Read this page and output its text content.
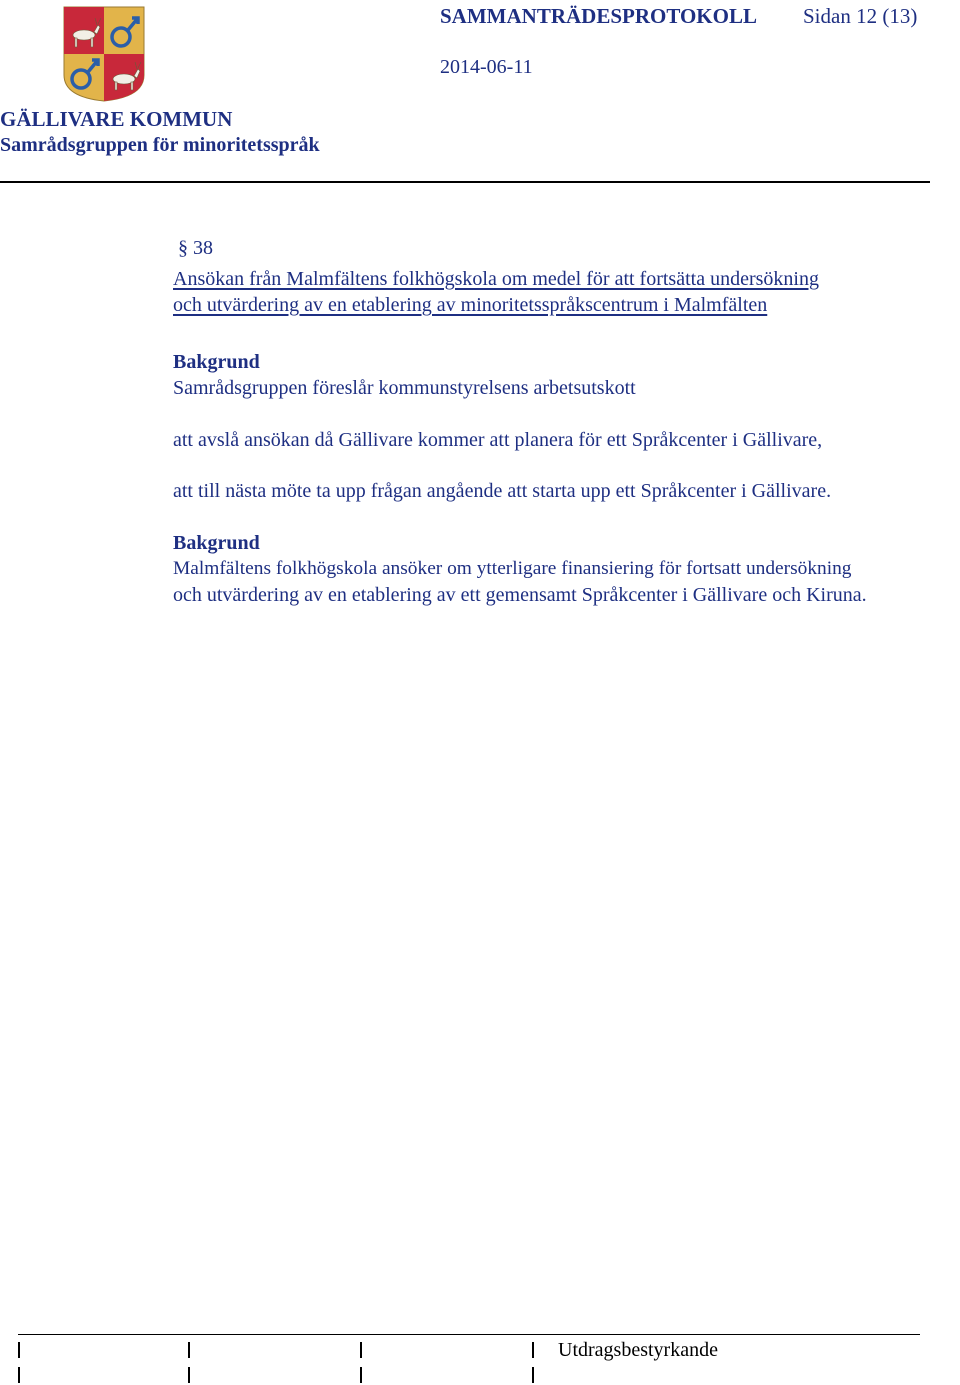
SAMMANTRÄDESPROTOKOLL Sidan 12 (13)
2014-06-11
GÄLLIVARE KOMMUN
Samrådsgruppen för minoritetsspråk
§ 38
Ansökan från Malmfältens folkhögskola om medel för att fortsätta undersökning
och utvärdering av en etablering av minoritetsspråkscentrum i Malmfälten
Bakgrund
Samrådsgruppen föreslår kommunstyrelsens arbetsutskott
att avslå ansökan då Gällivare kommer att planera för ett Språkcenter i Gällivare,
att till nästa möte ta upp frågan angående att starta upp ett Språkcenter i Gällivare.
Bakgrund
Malmfältens folkhögskola ansöker om ytterligare finansiering för fortsatt undersökning
och utvärdering av en etablering av ett gemensamt Språkcenter i Gällivare och Kiruna.
Utdragsbestyrkande
